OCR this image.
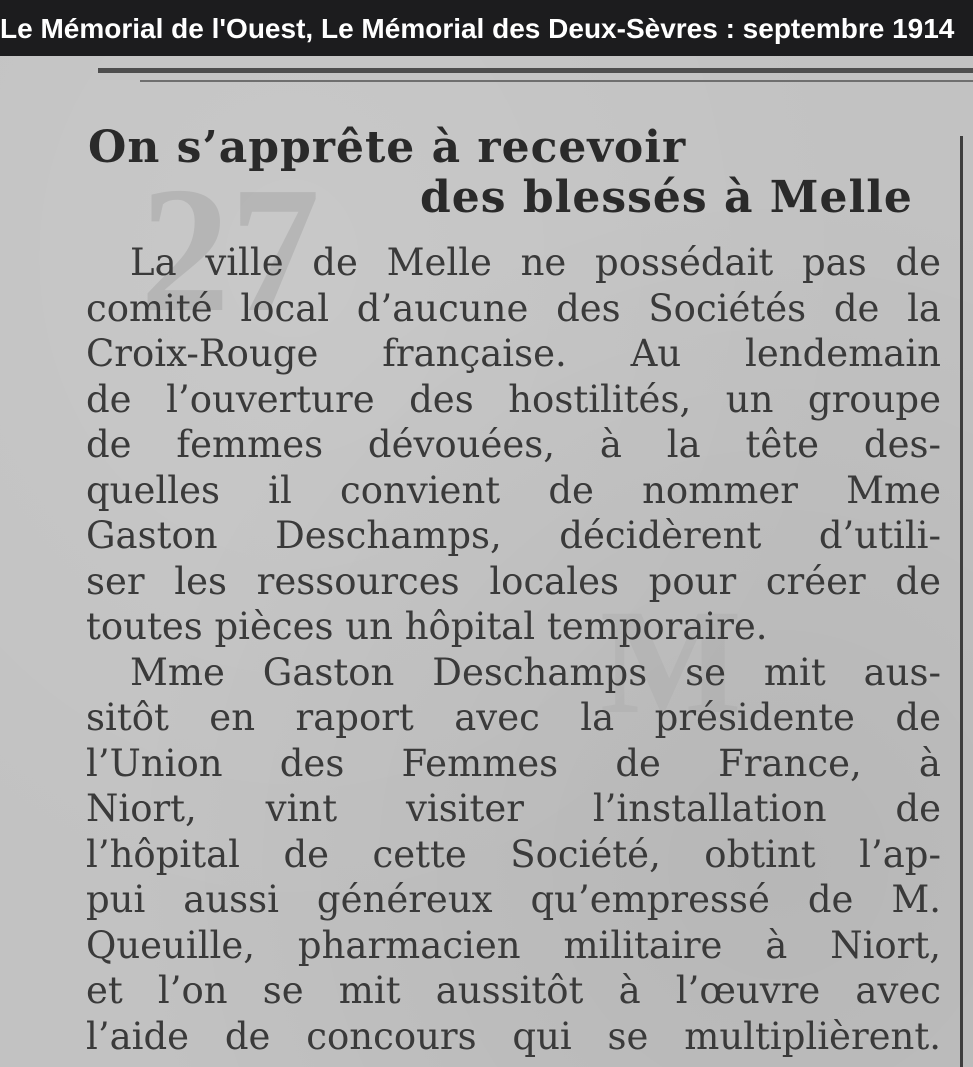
Le Mémorial de l'Ouest, Le Mémorial des Deux-Sèvres : septembre 1914
27
M
On s’apprête à recevoir
des blessés à Melle
La ville de Melle ne possédait pas de
comité local d’aucune des Sociétés de la
Croix-Rouge française. Au lendemain
de l’ouverture des hostilités, un groupe
de femmes dévouées, à la tête des-
quelles il convient de nommer Mme
Gaston Deschamps, décidèrent d’utili-
ser les ressources locales pour créer de
toutes pièces un hôpital temporaire.
Mme Gaston Deschamps se mit aus-
sitôt en raport avec la présidente de
l’Union des Femmes de France, à
Niort, vint visiter l’installation de
l’hôpital de cette Société, obtint l’ap-
pui aussi généreux qu’empressé de M.
Queuille, pharmacien militaire à Niort,
et l’on se mit aussitôt à l’œuvre avec
l’aide de concours qui se multiplièrent.
